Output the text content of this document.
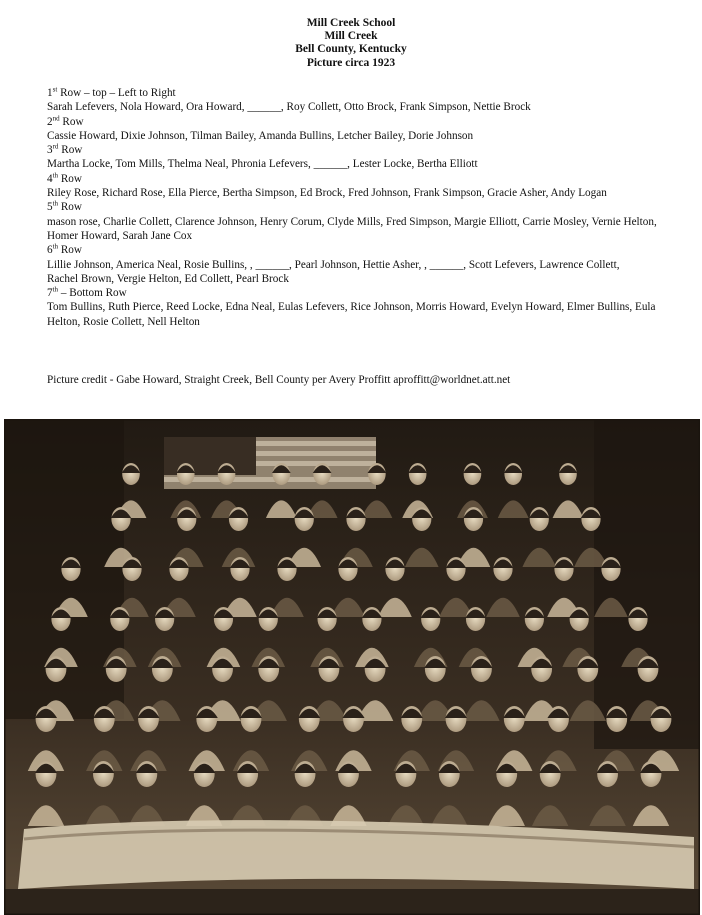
Mill Creek School
Mill Creek
Bell County, Kentucky
Picture circa 1923
1st Row – top – Left to Right
Sarah Lefevers, Nola Howard, Ora Howard, ______, Roy Collett, Otto Brock, Frank Simpson, Nettie Brock
2nd Row
Cassie Howard, Dixie Johnson, Tilman Bailey, Amanda Bullins, Letcher Bailey, Dorie Johnson
3rd Row
Martha Locke, Tom Mills, Thelma Neal, Phronia Lefevers, ______, Lester Locke, Bertha Elliott
4th Row
Riley Rose, Richard Rose, Ella Pierce, Bertha Simpson, Ed Brock, Fred Johnson, Frank Simpson, Gracie Asher, Andy Logan
5th Row
mason rose, Charlie Collett, Clarence Johnson, Henry Corum, Clyde Mills, Fred Simpson, Margie Elliott, Carrie Mosley, Vernie Helton, Homer Howard, Sarah Jane Cox
6th Row
Lillie Johnson, America Neal, Rosie Bullins, , ______, Pearl Johnson, Hettie Asher, , ______, Scott Lefevers, Lawrence Collett,
Rachel Brown, Vergie Helton, Ed Collett, Pearl Brock
7th – Bottom Row
Tom Bullins, Ruth Pierce, Reed Locke, Edna Neal, Eulas Lefevers, Rice Johnson, Morris Howard, Evelyn Howard, Elmer Bullins, Eula Helton, Rosie Collett, Nell Helton
Picture credit - Gabe Howard, Straight Creek, Bell County per Avery Proffitt aproffitt@worldnet.att.net
